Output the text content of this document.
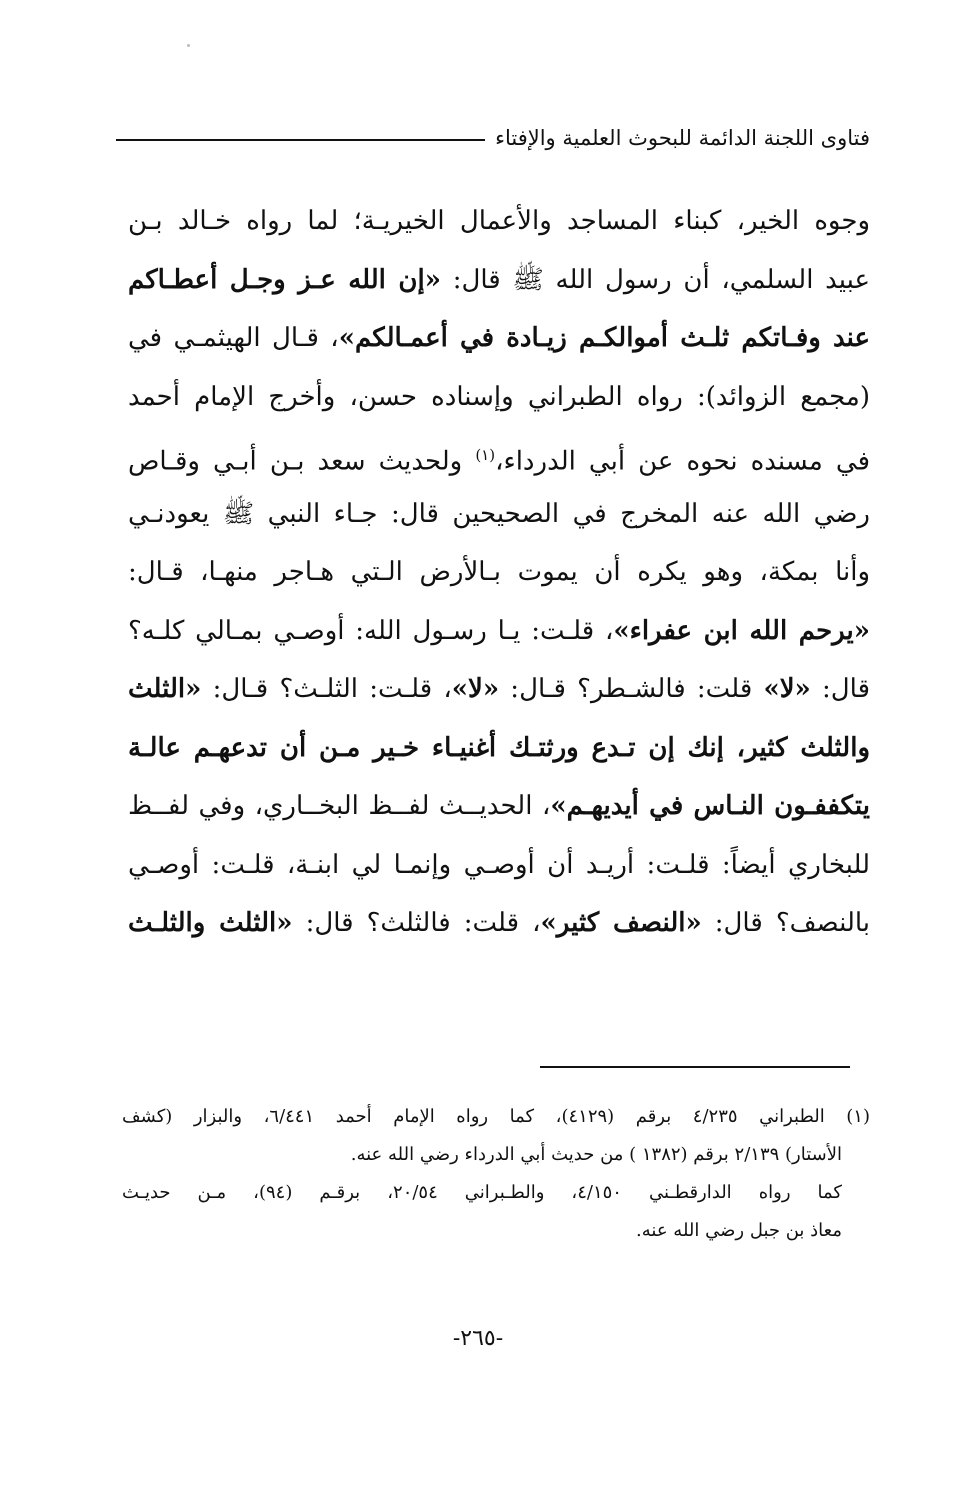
فتاوى اللجنة الدائمة للبحوث العلمية والإفتاء
وجوه الخير، كبناء المساجد والأعمال الخيريـة؛ لما رواه خـالد بـن
عبيد السلمي، أن رسول الله ﷺ قال: «إن الله عـز وجـل أعطـاكم
عند وفـاتكم ثلـث أموالكـم زيـادة في أعمـالكم»، قـال الهيثمـي في
(مجمع الزوائد): رواه الطبراني وإسناده حسن، وأخرج الإمام أحمد
في مسنده نحوه عن أبي الدرداء،$^{(١)}$ ولحديث سعد بـن أبـي وقـاص
رضي الله عنه المخرج في الصحيحين قال: جـاء النبي ﷺ يعودنـي
وأنا بمكة، وهو يكره أن يموت بـالأرض الـتي هـاجر منهـا، قـال:
«يرحم الله ابن عفراء»، قلـت: يـا رسـول الله: أوصـي بمـالي كلـه؟
قال: «لا» قلت: فالشـطر؟ قـال: «لا»، قلـت: الثلـث؟ قـال: «الثلث
والثلث كثير، إنك إن تـدع ورثتـك أغنيـاء خـير مـن أن تدعهـم عالـة
يتكففـون النـاس في أيديهـم»، الحديــث لفــظ البخــاري، وفي لفــظ
للبخاري أيضاً: قلـت: أريـد أن أوصـي وإنمـا لي ابنـة، قلـت: أوصـي
بالنصف؟ قال: «النصف كثير»، قلت: فالثلث؟ قال: «الثلث والثلـث
(١) الطبراني ٤/٢٣٥ برقم (٤١٢٩)، كما رواه الإمام أحمد ٦/٤٤١، والبزار (كشف
الأستار) ٢/١٣٩ برقم (١٣٨٢ ) من حديث أبي الدرداء رضي الله عنه.
كما رواه الدارقطـني ٤/١٥٠، والطـبراني ٢٠/٥٤، برقـم (٩٤)، مـن حديـث
معاذ بن جبل رضي الله عنه.
-٢٦٥-
